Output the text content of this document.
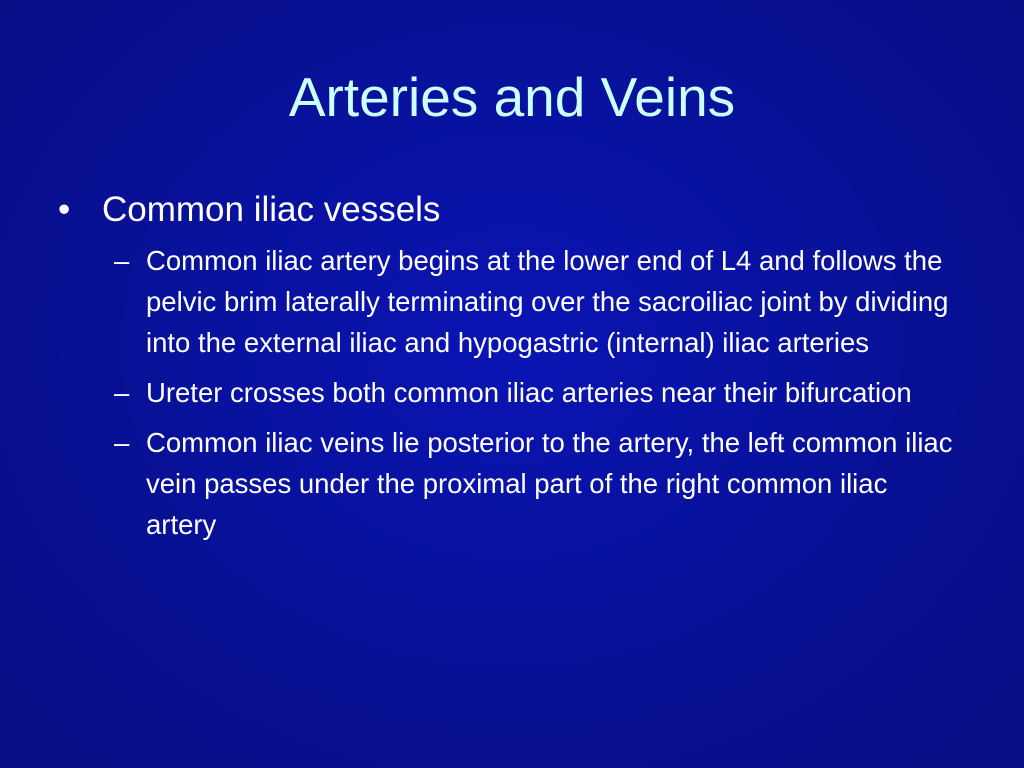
Arteries and Veins
• Common iliac vessels
– Common iliac artery begins at the lower end of L4 and follows the pelvic brim laterally terminating over the sacroiliac joint by dividing into the external iliac and hypogastric (internal) iliac arteries
– Ureter crosses both common iliac arteries near their bifurcation
– Common iliac veins lie posterior to the artery, the left common iliac vein passes under the proximal part of the right common iliac artery
